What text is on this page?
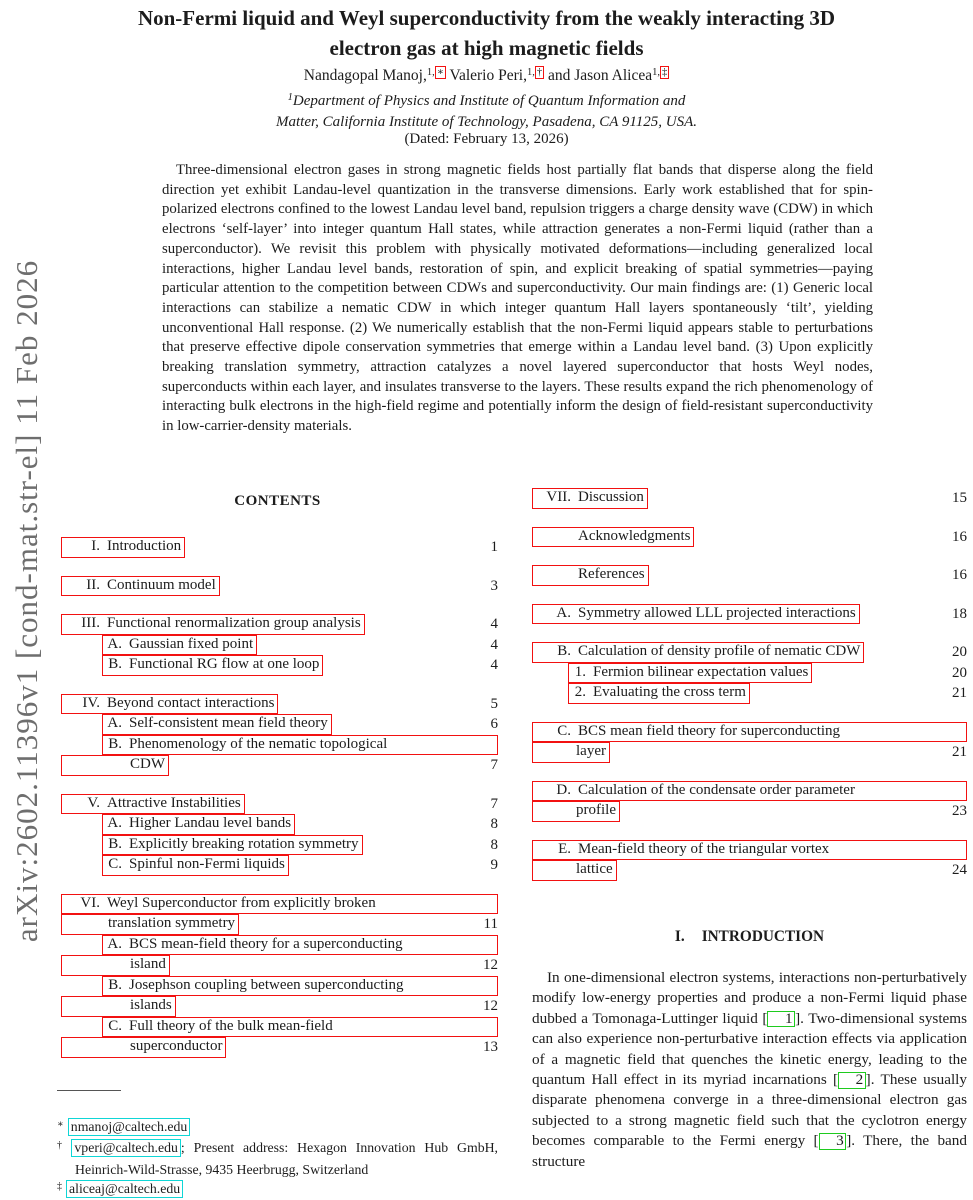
arXiv:2602.11396v1 [cond-mat.str-el] 11 Feb 2026
Non-Fermi liquid and Weyl superconductivity from the weakly interacting 3D
electron gas at high magnetic fields
Nandagopal Manoj,$^{1,}$ ∗ Valerio Peri,$^{1,}$ † and Jason Alicea$^{1,}$ ‡
$^1$Department of Physics and Institute of Quantum Information and
Matter, California Institute of Technology, Pasadena, CA 91125, USA.
(Dated: February 13, 2026)
Three-dimensional electron gases in strong magnetic fields host partially flat bands that disperse along the field direction yet exhibit Landau-level quantization in the transverse dimensions. Early work established that for spin-polarized electrons confined to the lowest Landau level band, repulsion triggers a charge density wave (CDW) in which electrons ‘self-layer’ into integer quantum Hall states, while attraction generates a non-Fermi liquid (rather than a superconductor). We revisit this problem with physically motivated deformations—including generalized local interactions, higher Landau level bands, restoration of spin, and explicit breaking of spatial symmetries—paying particular attention to the competition between CDWs and superconductivity. Our main findings are: (1) Generic local interactions can stabilize a nematic CDW in which integer quantum Hall layers spontaneously ‘tilt’, yielding unconventional Hall response. (2) We numerically establish that the non-Fermi liquid appears stable to perturbations that preserve effective dipole conservation symmetries that emerge within a Landau level band. (3) Upon explicitly breaking translation symmetry, attraction catalyzes a novel layered superconductor that hosts Weyl nodes, superconducts within each layer, and insulates transverse to the layers. These results expand the rich phenomenology of interacting bulk electrons in the high-field regime and potentially inform the design of field-resistant superconductivity in low-carrier-density materials.
CONTENTS
I. Introduction	1
II. Continuum model	3
III. Functional renormalization group analysis	4
A. Gaussian fixed point	4
B. Functional RG flow at one loop	4
IV. Beyond contact interactions	5
A. Self-consistent mean field theory	6
B. Phenomenology of the nematic topological
CDW	7
V. Attractive Instabilities	7
A. Higher Landau level bands	8
B. Explicitly breaking rotation symmetry	8
C. Spinful non-Fermi liquids	9
VI. Weyl Superconductor from explicitly broken
translation symmetry	11
A. BCS mean-field theory for a superconducting
island	12
B. Josephson coupling between superconducting
islands	12
C. Full theory of the bulk mean-field
superconductor	13
VII. Discussion	15
Acknowledgments	16
References	16
A. Symmetry allowed LLL projected interactions	18
B. Calculation of density profile of nematic CDW	20
1. Fermion bilinear expectation values	20
2. Evaluating the cross term	21
C. BCS mean field theory for superconducting
layer	21
D. Calculation of the condensate order parameter
profile	23
E. Mean-field theory of the triangular vortex
lattice	24
I. INTRODUCTION
In one-dimensional electron systems, interactions non-perturbatively modify low-energy properties and produce a non-Fermi liquid phase dubbed a Tomonaga-Luttinger liquid [ 1 ]. Two-dimensional systems can also experience non-perturbative interaction effects via application of a magnetic field that quenches the kinetic energy, leading to the quantum Hall effect in its myriad incarnations [ 2 ]. These usually disparate phenomena converge in a three-dimensional electron gas subjected to a strong magnetic field such that the cyclotron energy becomes comparable to the Fermi energy [ 3 ]. There, the band structure
∗ nmanoj@caltech.edu
† vperi@caltech.edu ; Present address: Hexagon Innovation Hub GmbH, Heinrich-Wild-Strasse, 9435 Heerbrugg, Switzerland
‡ aliceaj@caltech.edu
